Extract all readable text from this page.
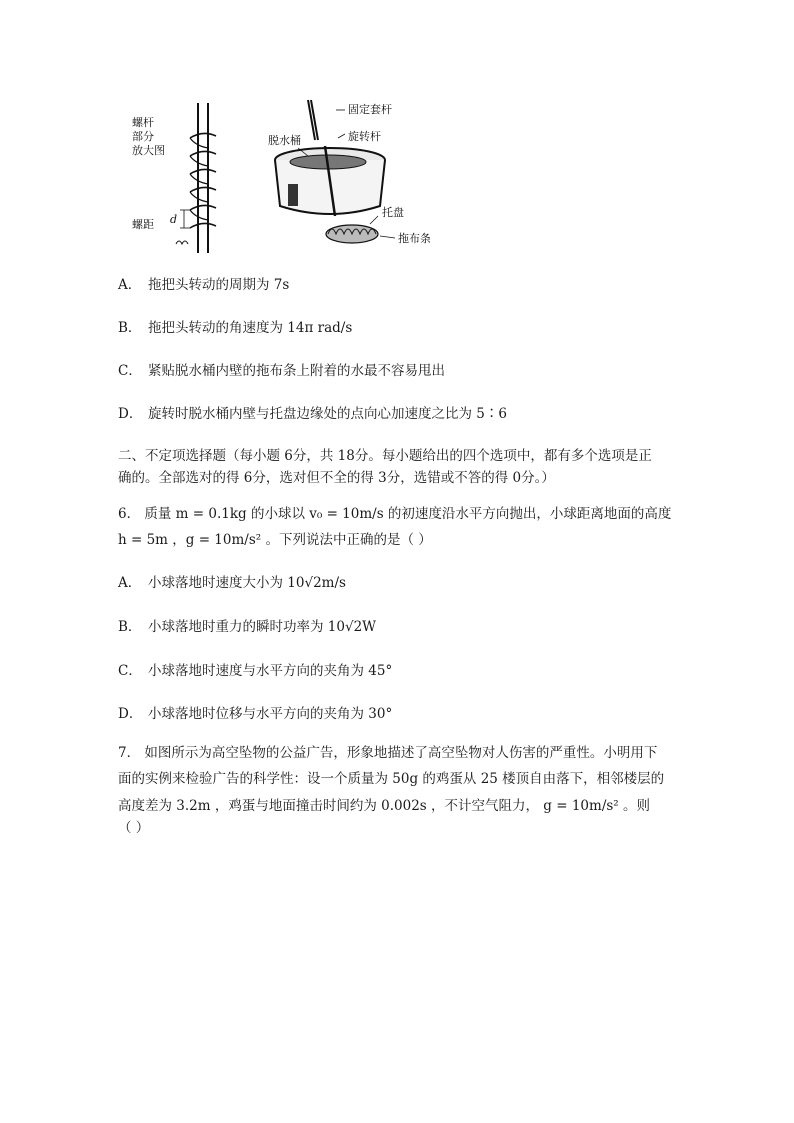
螺杆
部分
放大图
螺距 d
固定套杆
脱水桶	旋转杆
托盘
拖布条
A． 拖把头转动的周期为 7s
B． 拖把头转动的角速度为 14π rad/s
C． 紧贴脱水桶内壁的拖布条上附着的水最不容易甩出
D． 旋转时脱水桶内壁与托盘边缘处的点向心加速度之比为 5∶6
二、不定项选择题（每小题 6分，共 18分。每小题给出的四个选项中，都有多个选项是正
确的。全部选对的得 6分，选对但不全的得 3分，选错或不答的得 0分。）
6． 质量 m = 0.1kg 的小球以 v₀ = 10m/s 的初速度沿水平方向抛出，小球距离地面的高度
h = 5m ，g = 10m/s² 。下列说法中正确的是（ ）
A． 小球落地时速度大小为 10√2m/s
B． 小球落地时重力的瞬时功率为 10√2W
C． 小球落地时速度与水平方向的夹角为 45°
D． 小球落地时位移与水平方向的夹角为 30°
7． 如图所示为高空坠物的公益广告，形象地描述了高空坠物对人伤害的严重性。小明用下
面的实例来检验广告的科学性：设一个质量为 50g 的鸡蛋从 25 楼顶自由落下，相邻楼层的
高度差为 3.2m ，鸡蛋与地面撞击时间约为 0.002s ，不计空气阻力， g = 10m/s² 。则
（ ）
